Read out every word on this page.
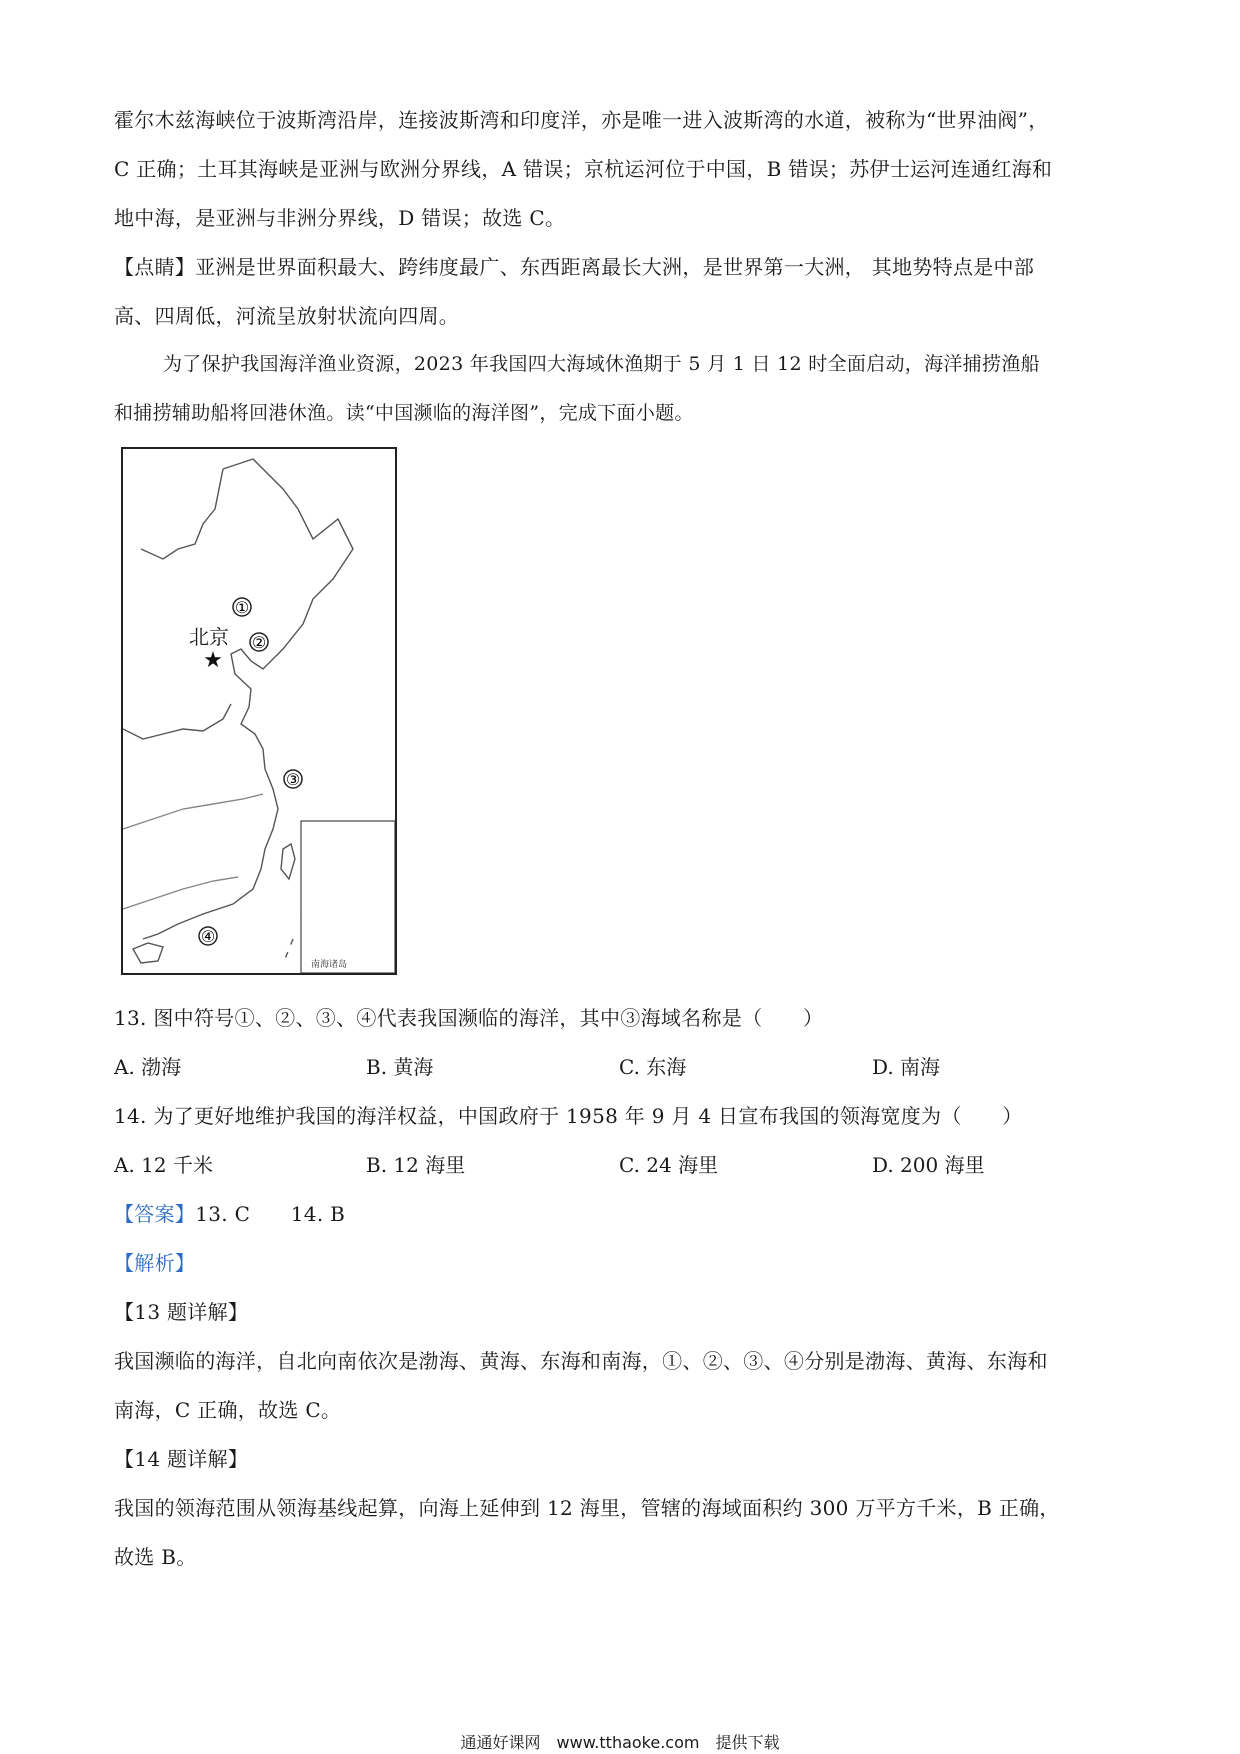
霍尔木兹海峡位于波斯湾沿岸，连接波斯湾和印度洋，亦是唯一进入波斯湾的水道，被称为“世界油阀”，
C 正确；土耳其海峡是亚洲与欧洲分界线，A 错误；京杭运河位于中国，B 错误；苏伊士运河连通红海和
地中海，是亚洲与非洲分界线，D 错误；故选 C。
【点睛】亚洲是世界面积最大、跨纬度最广、东西距离最长大洲，是世界第一大洲， 其地势特点是中部
高、四周低，河流呈放射状流向四周。
为了保护我国海洋渔业资源，2023 年我国四大海域休渔期于 5 月 1 日 12 时全面启动，海洋捕捞渔船
和捕捞辅助船将回港休渔。读“中国濒临的海洋图”，完成下面小题。
南海诸岛
①
②
③
④
★
北京
13. 图中符号①、②、③、④代表我国濒临的海洋，其中③海域名称是（　　）
A. 渤海	B. 黄海	C. 东海	D. 南海
14. 为了更好地维护我国的海洋权益，中国政府于 1958 年 9 月 4 日宣布我国的领海宽度为（　　）
A. 12 千米	B. 12 海里	C. 24 海里	D. 200 海里
【答案】13. C　　14. B
【解析】
【13 题详解】
我国濒临的海洋，自北向南依次是渤海、黄海、东海和南海，①、②、③、④分别是渤海、黄海、东海和
南海，C 正确，故选 C。
【14 题详解】
我国的领海范围从领海基线起算，向海上延伸到 12 海里，管辖的海域面积约 300 万平方千米，B 正确，
故选 B。
通通好课网　www.tthaoke.com　提供下载
